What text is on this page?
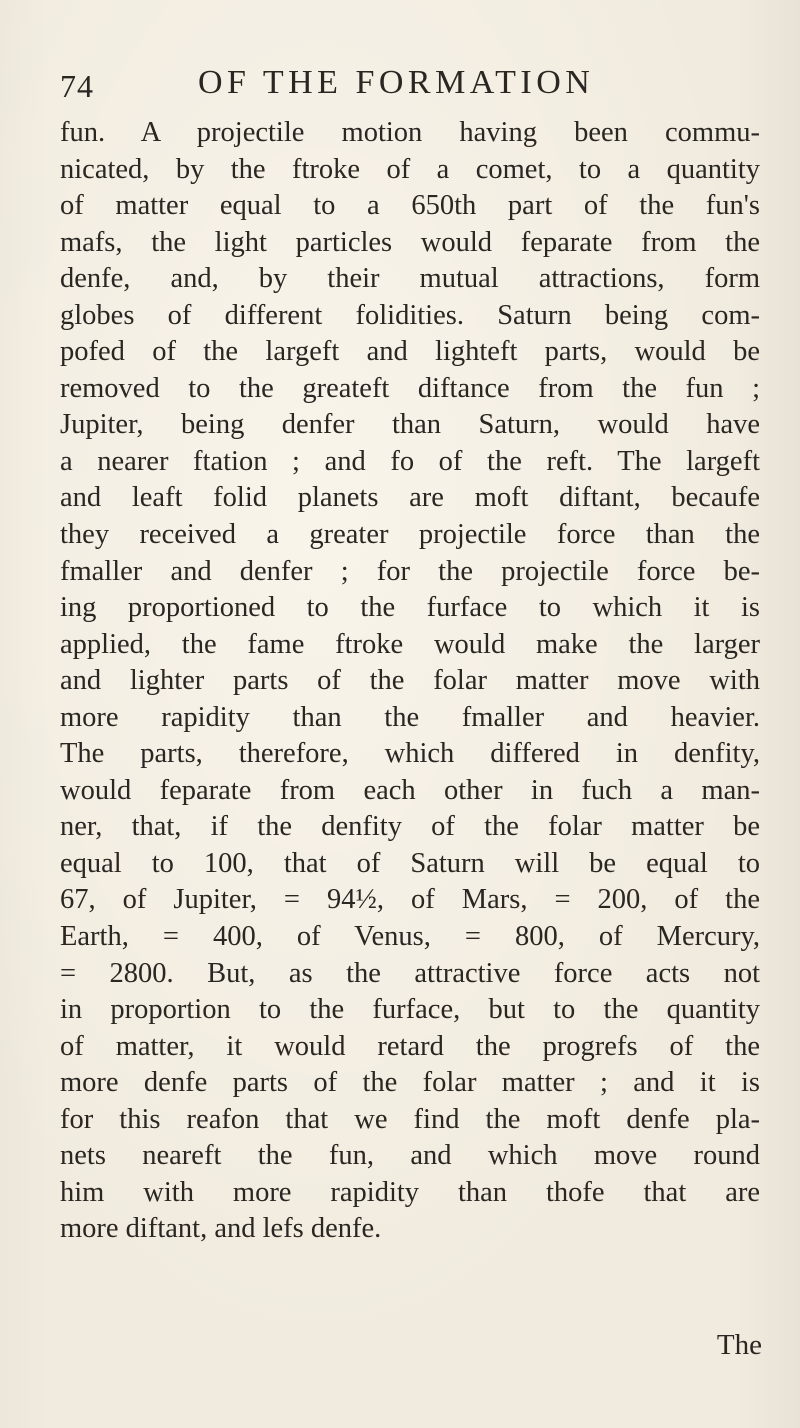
74	OF THE FORMATION
fun. A projectile motion having been commu-
nicated, by the ftroke of a comet, to a quantity
of matter equal to a 650th part of the fun's
mafs, the light particles would feparate from the
denfe, and, by their mutual attractions, form
globes of different folidities. Saturn being com-
pofed of the largeft and lighteft parts, would be
removed to the greateft diftance from the fun ;
Jupiter, being denfer than Saturn, would have
a nearer ftation ; and fo of the reft. The largeft
and leaft folid planets are moft diftant, becaufe
they received a greater projectile force than the
fmaller and denfer ; for the projectile force be-
ing proportioned to the furface to which it is
applied, the fame ftroke would make the larger
and lighter parts of the folar matter move with
more rapidity than the fmaller and heavier.
The parts, therefore, which differed in denfity,
would feparate from each other in fuch a man-
ner, that, if the denfity of the folar matter be
equal to 100, that of Saturn will be equal to
67, of Jupiter, = 94½, of Mars, = 200, of the
Earth, = 400, of Venus, = 800, of Mercury,
= 2800. But, as the attractive force acts not
in proportion to the furface, but to the quantity
of matter, it would retard the progrefs of the
more denfe parts of the folar matter ; and it is
for this reafon that we find the moft denfe pla-
nets neareft the fun, and which move round
him with more rapidity than thofe that are
more diftant, and lefs denfe.
The
